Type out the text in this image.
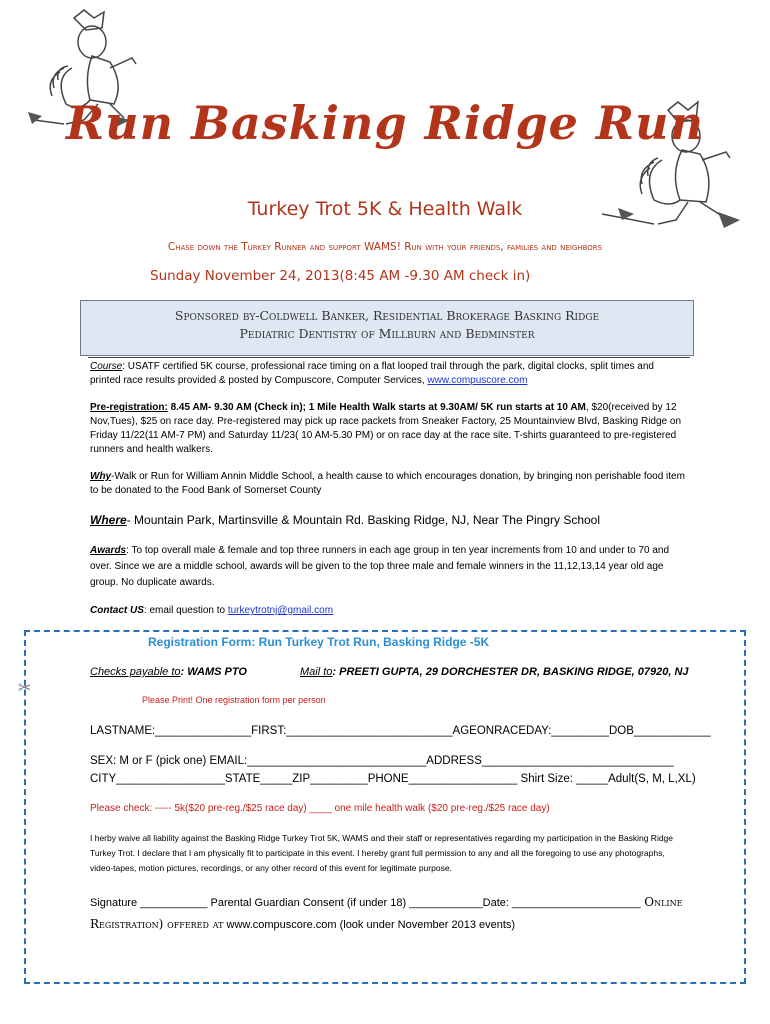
Run Basking Ridge Run
Turkey Trot 5K & Health Walk
Chase down the Turkey Runner and support WAMS! Run with your friends, families and neighbors
Sunday November 24, 2013(8:45 AM -9.30 AM check in)
Sponsored by-Coldwell Banker, Residential Brokerage Basking Ridge
Pediatric Dentistry of Millburn and Bedminster
Course: USATF certified 5K course, professional race timing on a flat looped trail through the park, digital clocks, split times and printed race results provided & posted by Compuscore, Computer Services, www.compuscore.com
Pre-registration: 8.45 AM- 9.30 AM (Check in); 1 Mile Health Walk starts at 9.30AM/ 5K run starts at 10 AM, $20(received by 12 Nov,Tues), $25 on race day. Pre-registered may pick up race packets from Sneaker Factory, 25 Mountainview Blvd, Basking Ridge on Friday 11/22(11 AM-7 PM) and Saturday 11/23( 10 AM-5.30 PM) or on race day at the race site. T-shirts guaranteed to pre-registered runners and health walkers.
Why-Walk or Run for William Annin Middle School, a health cause to which encourages donation, by bringing non perishable food item to be donated to the Food Bank of Somerset County
Where- Mountain Park, Martinsville & Mountain Rd. Basking Ridge, NJ, Near The Pingry School
Awards: To top overall male & female and top three runners in each age group in ten year increments from 10 and under to 70 and over. Since we are a middle school, awards will be given to the top three male and female winners in the 11,12,13,14 year old age group. No duplicate awards.
Contact US: email question to turkeytrotnj@gmail.com
✂
Registration Form: Run Turkey Trot Run, Basking Ridge -5K
Checks payable to: WAMS PTO	Mail to: PREETI GUPTA, 29 DORCHESTER DR, BASKING RIDGE, 07920, NJ
Please Print! One registration form per person
LASTNAME:_______________FIRST:__________________________AGEONRACEDAY:_________DOB____________
SEX: M or F (pick one) EMAIL:____________________________ADDRESS______________________________
CITY_________________STATE_____ZIP_________PHONE_________________ Shirt Size: _____Adult(S, M, L,XL)
Please check: ----- 5k($20 pre-reg./$25 race day) ____ one mile health walk ($20 pre-reg./$25 race day)
I herby waive all liability against the Basking Ridge Turkey Trot 5K, WAMS and their staff or representatives regarding my participation in the Basking Ridge Turkey Trot. I declare that I am physically fit to participate in this event. I hereby grant full permission to any and all the foregoing to use any photographs, video-tapes, motion pictures, recordings, or any other record of this event for legitimate purpose.
Signature ___________ Parental Guardian Consent (if under 18) ____________Date: _____________________ Online
Registration) offered at www.compuscore.com (look under November 2013 events)
